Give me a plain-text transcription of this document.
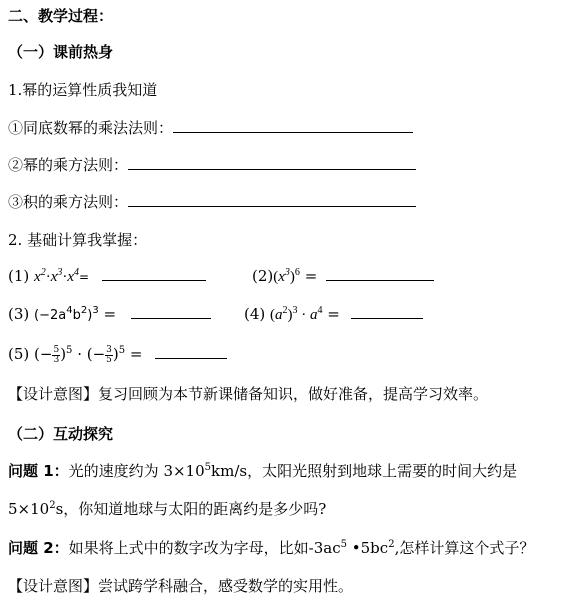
二、教学过程：
（一）课前热身
1.幂的运算性质我知道
①同底数幂的乘法法则：
②幂的乘方法则：
③积的乘方法则：
2. 基础计算我掌握：
(1) $x^2\cdot x^3\cdot x^4=$	$(2)(x^3)^6$ =
(3) $(-2a^4b^2)^3$ =	(4) $(a^2)^3 \cdot a^4$ =
(5) (− $\frac{5}{3} )^5$ · (− $\frac{3}{5} )^5$ =
【设计意图】复习回顾为本节新课储备知识，做好准备，提高学习效率。
（二）互动探究
问题 1：光的速度约为 $3\times 10^5km/s$，太阳光照射到地球上需要的时间大约是
$5\times 10^2s$，你知道地球与太阳的距离约是多少吗?
问题 2：如果将上式中的数字改为字母，比如$-3ac^5$ $•5bc^2$,怎样计算这个式子？
【设计意图】尝试跨学科融合，感受数学的实用性。
